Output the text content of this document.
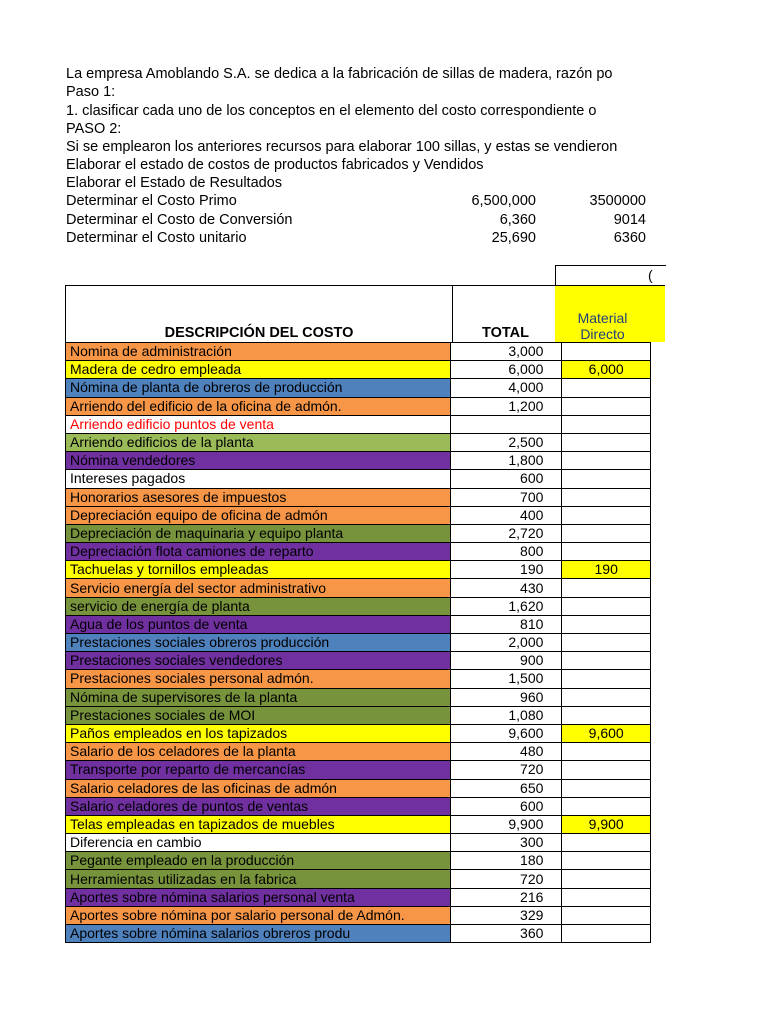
La empresa Amoblando S.A. se dedica a la fabricación de sillas de madera, razón po
Paso 1:
1. clasificar cada uno de los conceptos en el elemento del costo correspondiente o
PASO 2:
Si se emplearon los anteriores recursos para elaborar 100 sillas, y estas se vendieron
Elaborar el estado de costos de productos fabricados y Vendidos
Elaborar el Estado de Resultados
Determinar el Costo Primo	6,500,000	3500000
Determinar el Costo de Conversión	6,360	9014
Determinar el Costo unitario	25,690	6360
(
DESCRIPCIÓN DEL COSTO	TOTAL
Material
Directo
Nomina de administración	3,000	
Madera de cedro empleada	6,000	6,000
Nómina de planta de obreros de producción	4,000	
Arriendo del edificio de la oficina de admón.	1,200	
Arriendo edificio puntos de venta		
Arriendo edificios de la planta	2,500	
Nómina vendedores	1,800	
Intereses pagados	600	
Honorarios asesores de impuestos	700	
Depreciación equipo de oficina de admón	400	
Depreciación de maquinaria y equipo planta	2,720	
Depreciación flota camiones de reparto	800	
Tachuelas y tornillos empleadas	190	190
Servicio energía del sector administrativo	430	
servicio de energía de planta	1,620	
Agua de los puntos de venta	810	
Prestaciones sociales obreros producción	2,000	
Prestaciones sociales vendedores	900	
Prestaciones sociales personal admón.	1,500	
Nómina de supervisores de la planta	960	
Prestaciones sociales de MOI	1,080	
Paños empleados en los tapizados	9,600	9,600
Salario de los celadores de la planta	480	
Transporte por reparto de mercancías	720	
Salario celadores de las oficinas de admón	650	
Salario celadores de puntos de ventas	600	
Telas empleadas en tapizados de muebles	9,900	9,900
Diferencia en cambio	300	
Pegante empleado en la producción	180	
Herramientas utilizadas en la fabrica	720	
Aportes sobre nómina salarios personal venta	216	
Aportes sobre nómina por salario personal de Admón.	329	
Aportes sobre nómina salarios obreros produ	360	
